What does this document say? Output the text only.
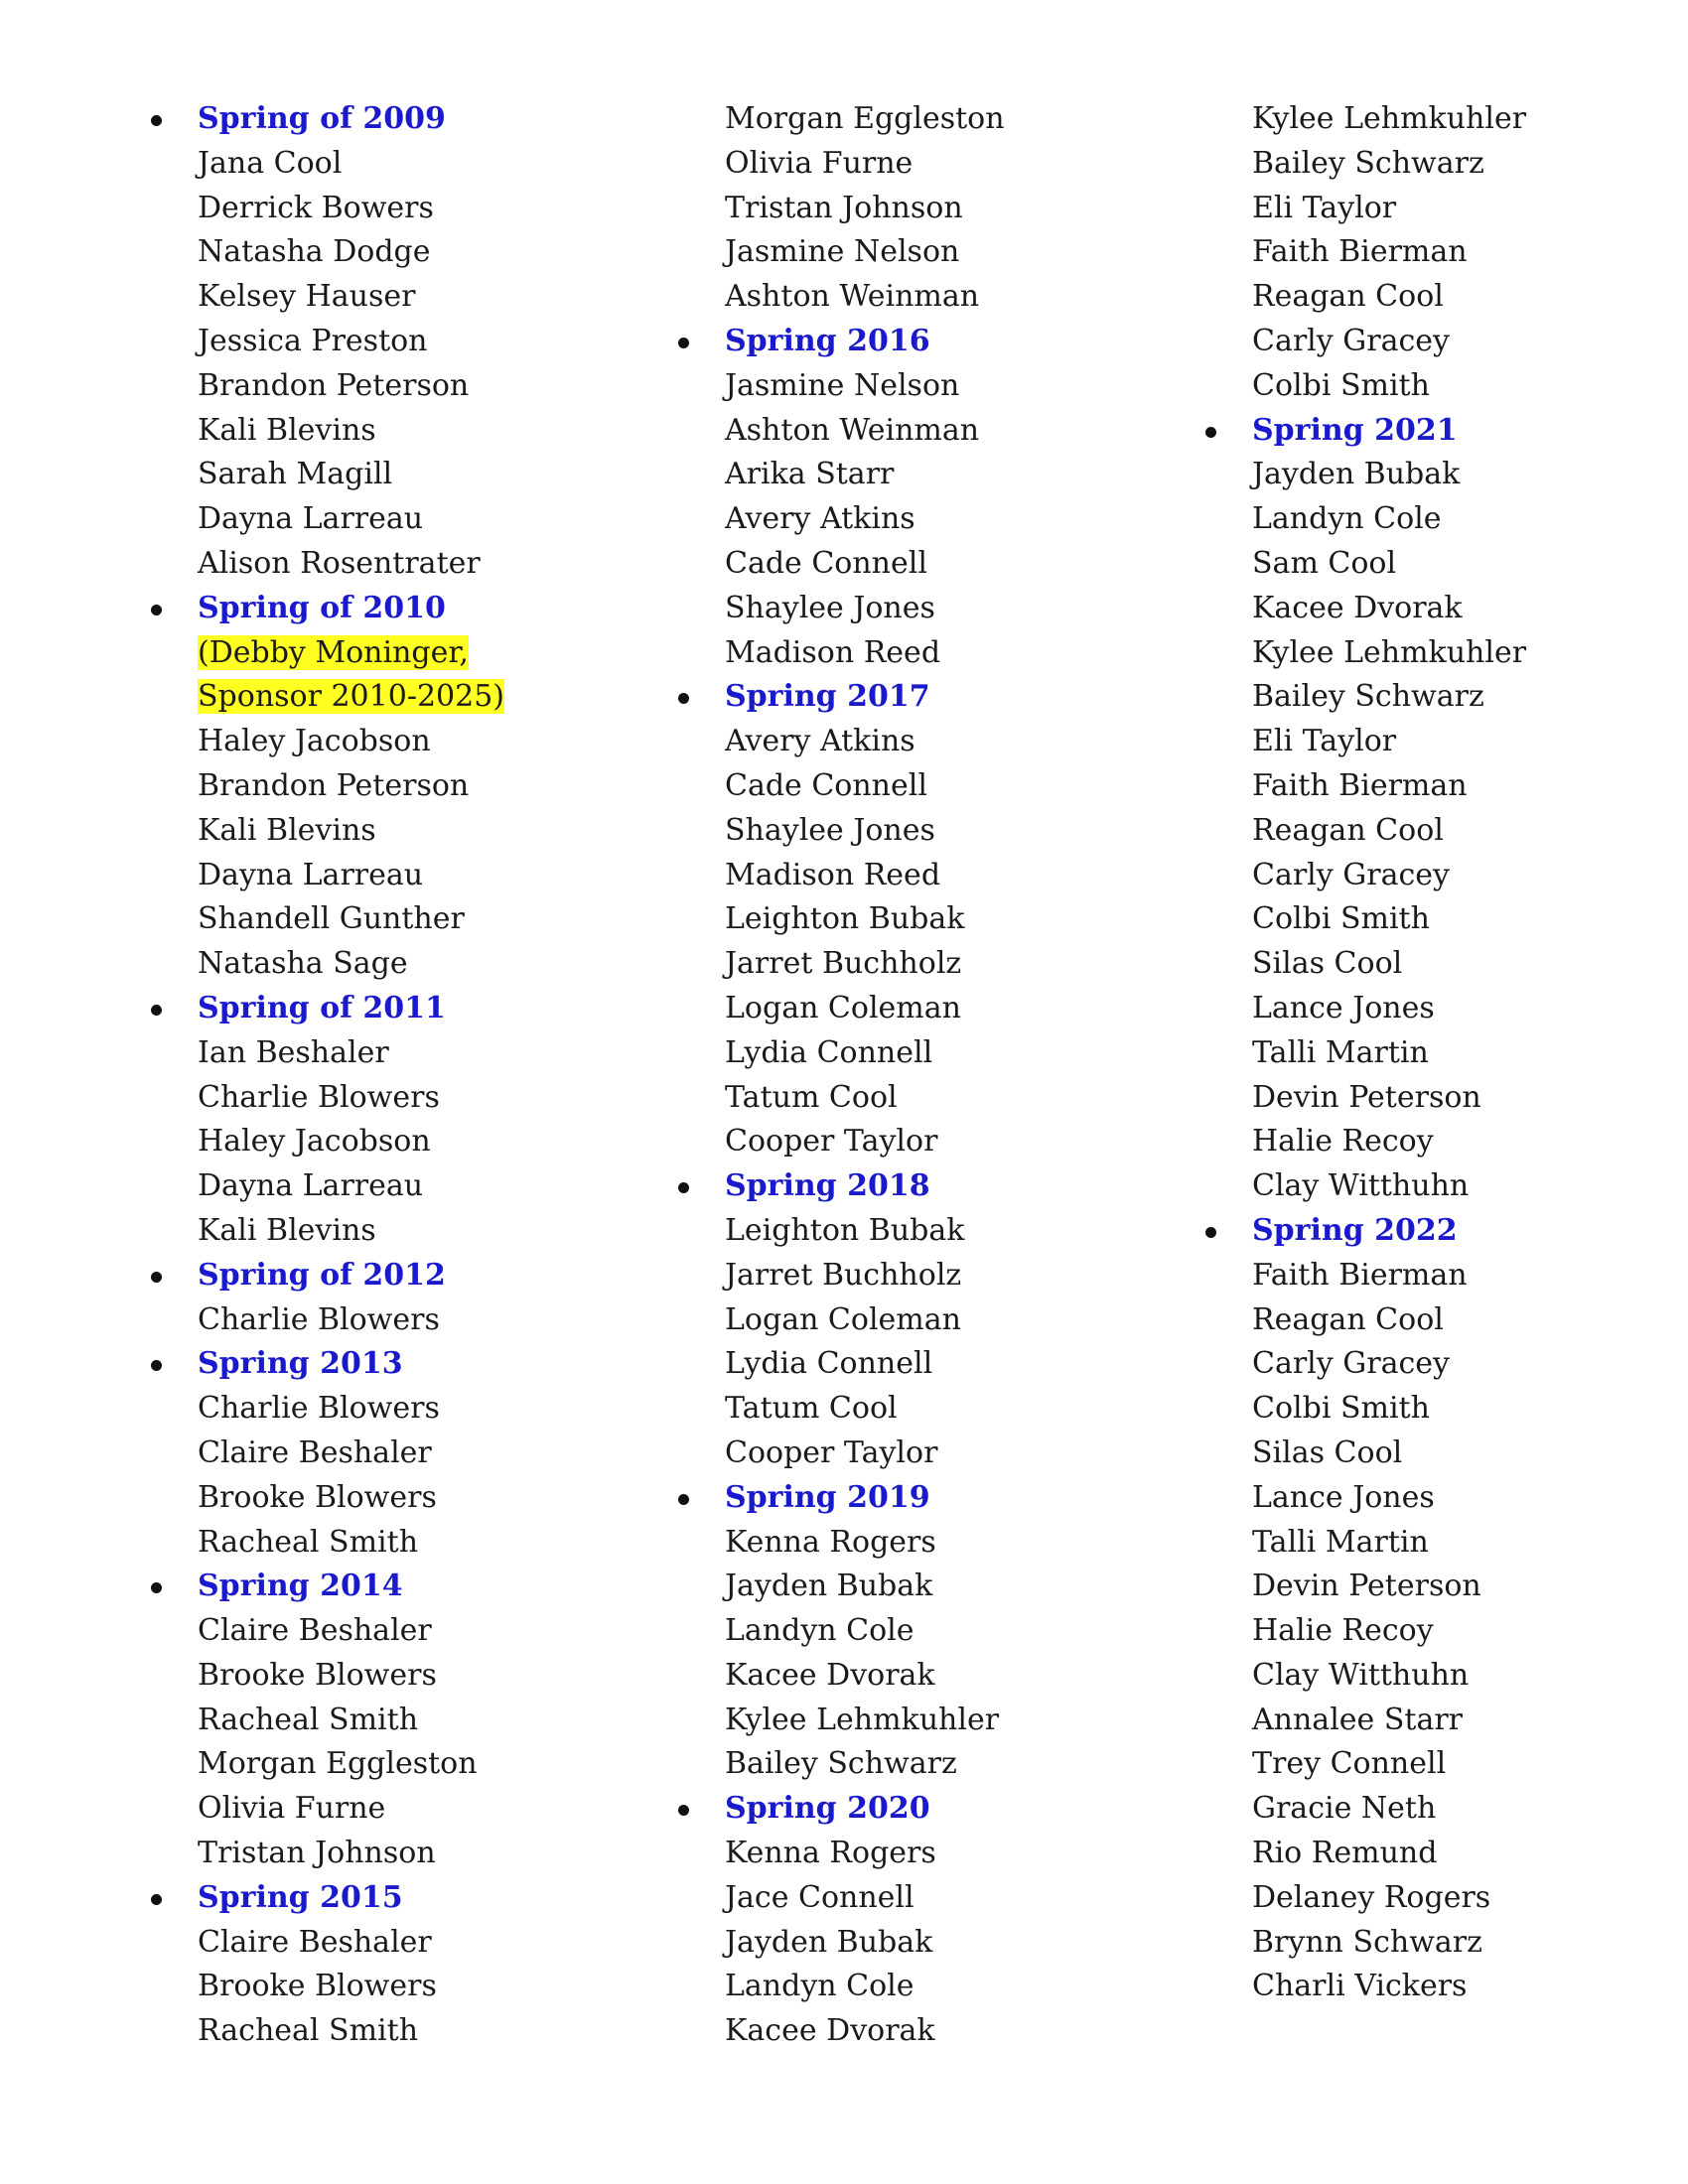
Spring of 2009
Jana Cool
Derrick Bowers
Natasha Dodge
Kelsey Hauser
Jessica Preston
Brandon Peterson
Kali Blevins
Sarah Magill
Dayna Larreau
Alison Rosentrater
Spring of 2010
(Debby Moninger,
Sponsor 2010-2025)
Haley Jacobson
Brandon Peterson
Kali Blevins
Dayna Larreau
Shandell Gunther
Natasha Sage
Spring of 2011
Ian Beshaler
Charlie Blowers
Haley Jacobson
Dayna Larreau
Kali Blevins
Spring of 2012
Charlie Blowers
Spring 2013
Charlie Blowers
Claire Beshaler
Brooke Blowers
Racheal Smith
Spring 2014
Claire Beshaler
Brooke Blowers
Racheal Smith
Morgan Eggleston
Olivia Furne
Tristan Johnson
Spring 2015
Claire Beshaler
Brooke Blowers
Racheal Smith
Morgan Eggleston
Olivia Furne
Tristan Johnson
Jasmine Nelson
Ashton Weinman
Spring 2016
Jasmine Nelson
Ashton Weinman
Arika Starr
Avery Atkins
Cade Connell
Shaylee Jones
Madison Reed
Spring 2017
Avery Atkins
Cade Connell
Shaylee Jones
Madison Reed
Leighton Bubak
Jarret Buchholz
Logan Coleman
Lydia Connell
Tatum Cool
Cooper Taylor
Spring 2018
Leighton Bubak
Jarret Buchholz
Logan Coleman
Lydia Connell
Tatum Cool
Cooper Taylor
Spring 2019
Kenna Rogers
Jayden Bubak
Landyn Cole
Kacee Dvorak
Kylee Lehmkuhler
Bailey Schwarz
Spring 2020
Kenna Rogers
Jace Connell
Jayden Bubak
Landyn Cole
Kacee Dvorak
Kylee Lehmkuhler
Bailey Schwarz
Eli Taylor
Faith Bierman
Reagan Cool
Carly Gracey
Colbi Smith
Spring 2021
Jayden Bubak
Landyn Cole
Sam Cool
Kacee Dvorak
Kylee Lehmkuhler
Bailey Schwarz
Eli Taylor
Faith Bierman
Reagan Cool
Carly Gracey
Colbi Smith
Silas Cool
Lance Jones
Talli Martin
Devin Peterson
Halie Recoy
Clay Witthuhn
Spring 2022
Faith Bierman
Reagan Cool
Carly Gracey
Colbi Smith
Silas Cool
Lance Jones
Talli Martin
Devin Peterson
Halie Recoy
Clay Witthuhn
Annalee Starr
Trey Connell
Gracie Neth
Rio Remund
Delaney Rogers
Brynn Schwarz
Charli Vickers
